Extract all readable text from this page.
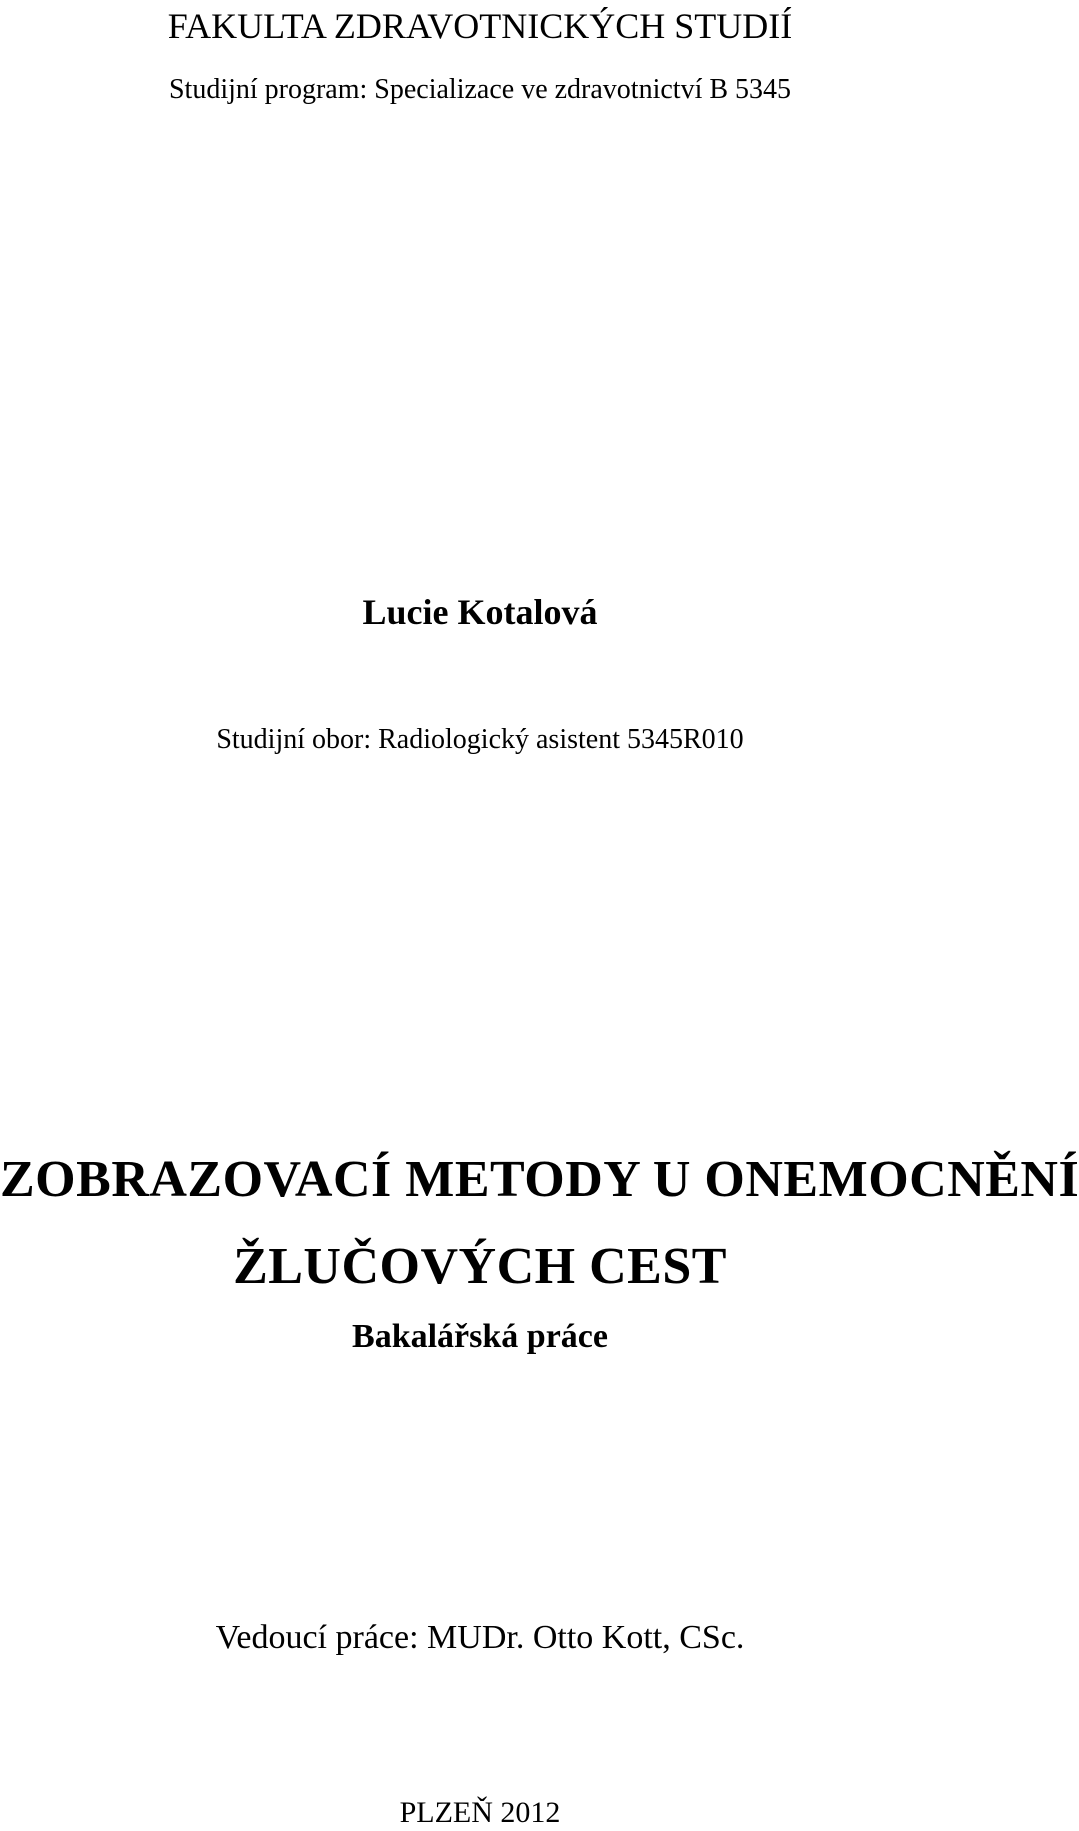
FAKULTA ZDRAVOTNICKÝCH STUDIÍ
Studijní program: Specializace ve zdravotnictví B 5345
Lucie Kotalová
Studijní obor: Radiologický asistent 5345R010
ZOBRAZOVACÍ METODY U ONEMOCNĚNÍ
ŽLUČOVÝCH CEST
Bakalářská práce
Vedoucí práce: MUDr. Otto Kott, CSc.
PLZEŇ 2012
